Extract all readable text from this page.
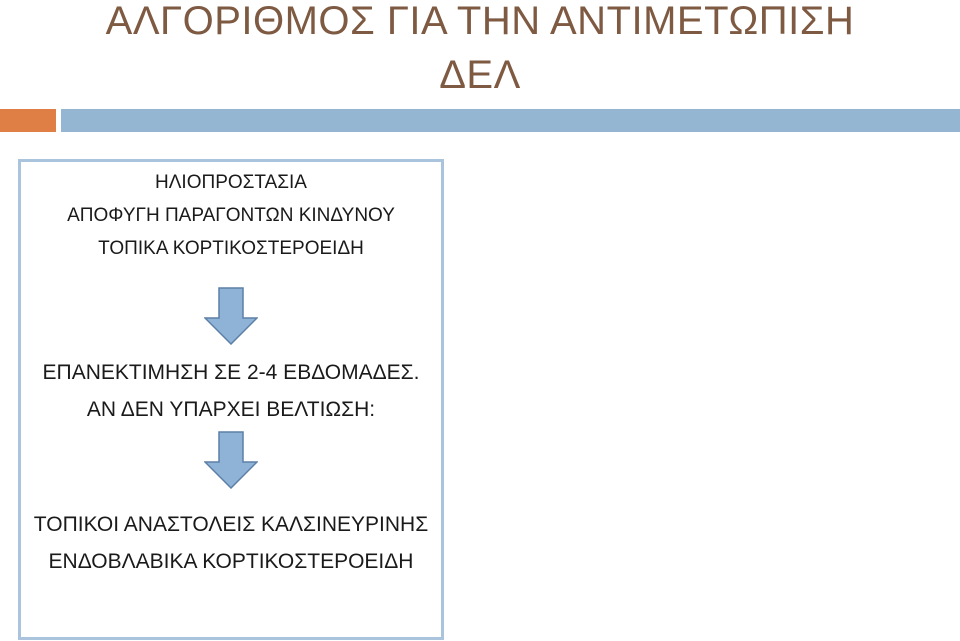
ΑΛΓΟΡΙΘΜΟΣ ΓΙΑ ΤΗΝ ΑΝΤΙΜΕΤΩΠΙΣΗ
ΔΕΛ
ΗΛΙΟΠΡΟΣΤΑΣΙΑ
ΑΠΟΦΥΓΗ ΠΑΡΑΓΟΝΤΩΝ ΚΙΝΔΥΝΟΥ
ΤΟΠΙΚΑ ΚΟΡΤΙΚΟΣΤΕΡΟΕΙΔΗ
ΕΠΑΝΕΚΤΙΜΗΣΗ ΣΕ 2-4 ΕΒΔΟΜΑΔΕΣ.
ΑΝ ΔΕΝ ΥΠΑΡΧΕΙ ΒΕΛΤΙΩΣΗ:
ΤΟΠΙΚΟΙ ΑΝΑΣΤΟΛΕΙΣ ΚΑΛΣΙΝΕΥΡΙΝΗΣ
ΕΝΔΟΒΛΑΒΙΚΑ ΚΟΡΤΙΚΟΣΤΕΡΟΕΙΔΗ
